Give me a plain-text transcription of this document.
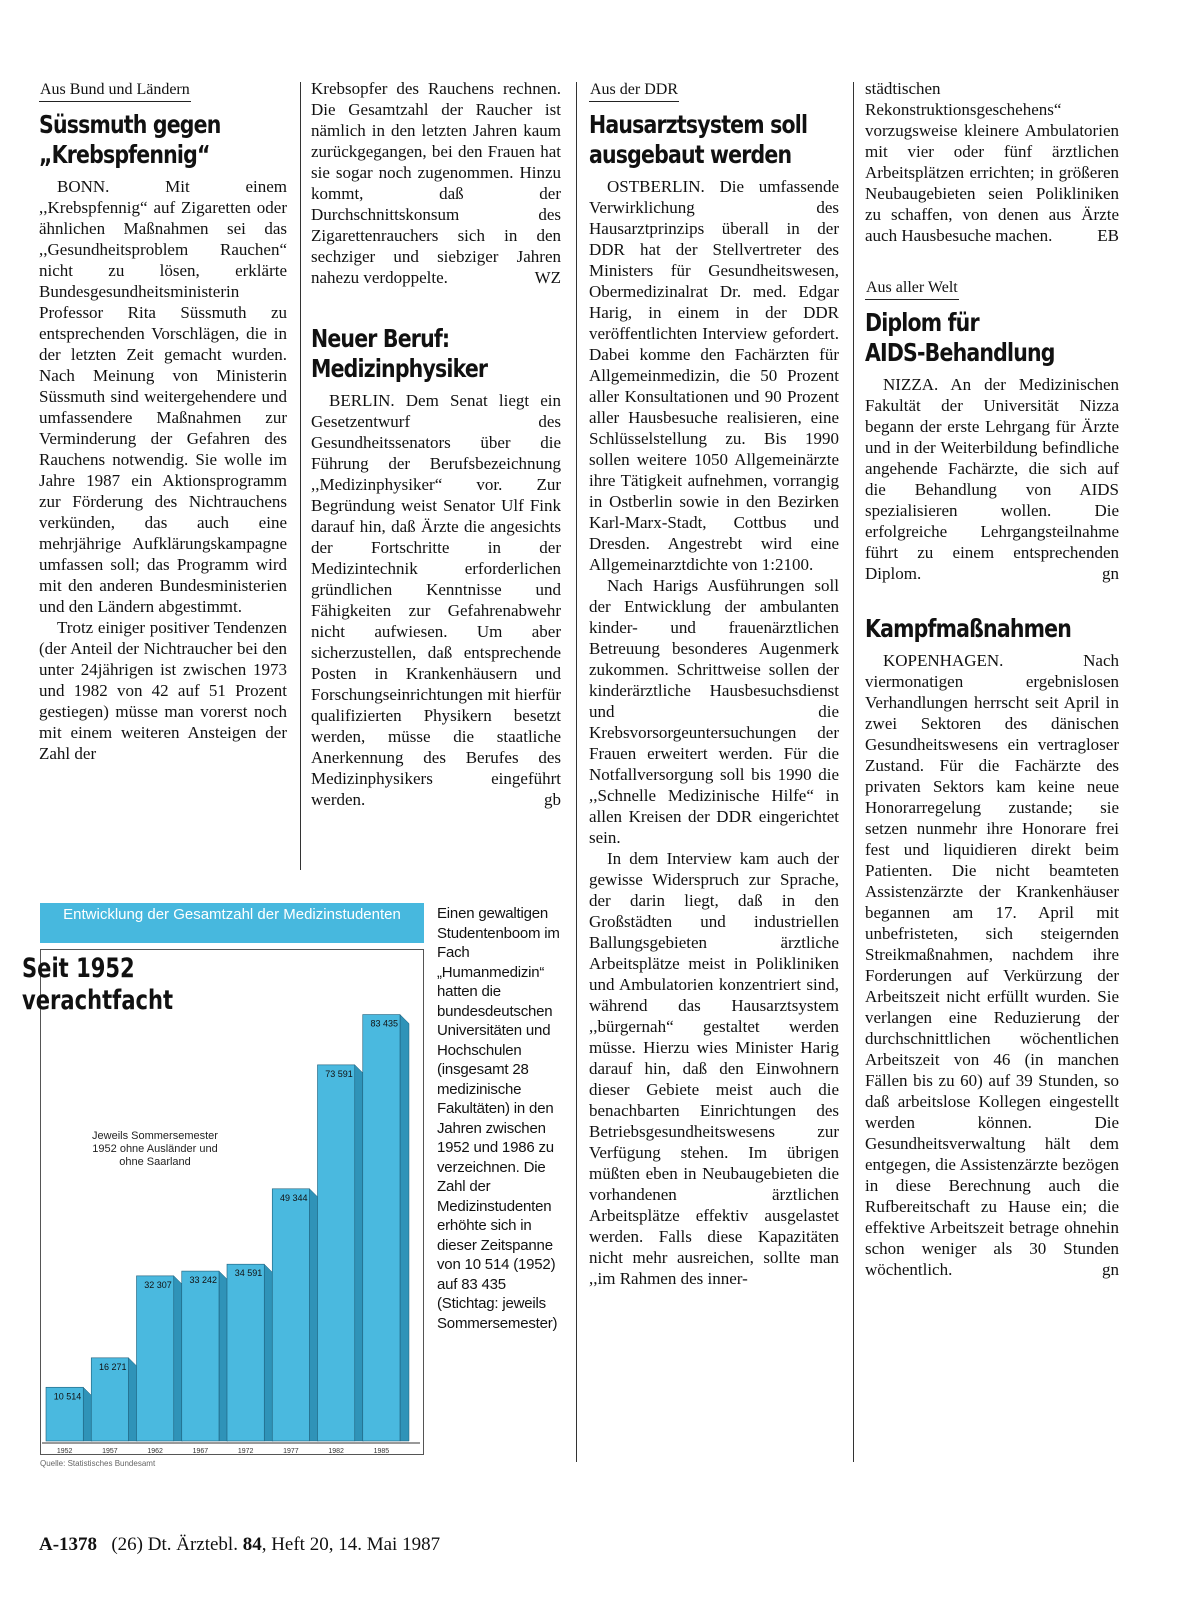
Aus Bund und Ländern
Süssmuth gegen
„Krebspfennig“

BONN. Mit einem ,,Krebspfennig“ auf Zigaretten oder ähnlichen Maßnahmen sei das ,,Gesundheitsproblem Rauchen“ nicht zu lösen, erklärte Bundesgesundheitsministerin Professor Rita Süssmuth zu entsprechenden Vorschlägen, die in der letzten Zeit gemacht wurden. Nach Meinung von Ministerin Süssmuth sind weitergehendere und umfassendere Maßnahmen zur Verminderung der Gefahren des Rauchens notwendig. Sie wolle im Jahre 1987 ein Aktionsprogramm zur Förderung des Nichtrauchens verkünden, das auch eine mehrjährige Aufklärungskampagne umfassen soll; das Programm wird mit den anderen Bundesministerien und den Ländern abgestimmt.

Trotz einiger positiver Tendenzen (der Anteil der Nichtraucher bei den unter 24jährigen ist zwischen 1973 und 1982 von 42 auf 51 Prozent gestiegen) müsse man vorerst noch mit einem weiteren Ansteigen der Zahl der

Krebsopfer des Rauchens rechnen. Die Gesamtzahl der Raucher ist nämlich in den letzten Jahren kaum zurückgegangen, bei den Frauen hat sie sogar noch zugenommen. Hinzu kommt, daß der Durchschnittskonsum des Zigarettenrauchers sich in den sechziger und siebziger Jahren nahezu verdoppelte.	WZ

Neuer Beruf:
Medizinphysiker

BERLIN. Dem Senat liegt ein Gesetzentwurf des Gesundheitssenators über die Führung der Berufsbezeichnung ,,Medizinphysiker“ vor. Zur Begründung weist Senator Ulf Fink darauf hin, daß Ärzte die angesichts der Fortschritte in der Medizintechnik erforderlichen gründlichen Kenntnisse und Fähigkeiten zur Gefahrenabwehr nicht aufwiesen. Um aber sicherzustellen, daß entsprechende Posten in Krankenhäusern und Forschungseinrichtungen mit hierfür qualifizierten Physikern besetzt werden, müsse die staatliche Anerkennung des Berufes des Medizinphysikers eingeführt werden.	gb

Entwicklung der Gesamtzahl der Medizinstudenten
10 514
1952
16 271
1957
32 307
1962
33 242
1967
34 591
1972
49 344
1977
73 591
1982
83 435
1985
Seit 1952 verachtfacht
Jeweils Sommersemester 1952 ohne Ausländer und ohne Saarland
Quelle: Statistisches Bundesamt
Einen gewaltigen Studentenboom im Fach „Humanmedizin“ hatten die bundesdeutschen Universitäten und Hochschulen (insgesamt 28 medizinische Fakultäten) in den Jahren zwischen 1952 und 1986 zu verzeichnen. Die Zahl der Medizinstudenten erhöhte sich in dieser Zeitspanne von 10 514 (1952) auf 83 435 (Stichtag: jeweils Sommersemester)
Aus der DDR
Hausarztsystem soll
ausgebaut werden

OSTBERLIN. Die umfassende Verwirklichung des Hausarztprinzips überall in der DDR hat der Stellvertreter des Ministers für Gesundheitswesen, Obermedizinalrat Dr. med. Edgar Harig, in einem in der DDR veröffentlichten Interview gefordert. Dabei komme den Fachärzten für Allgemeinmedizin, die 50 Prozent aller Konsultationen und 90 Prozent aller Hausbesuche realisieren, eine Schlüsselstellung zu. Bis 1990 sollen weitere 1050 Allgemeinärzte ihre Tätigkeit aufnehmen, vorrangig in Ostberlin sowie in den Bezirken Karl-Marx-Stadt, Cottbus und Dresden. Angestrebt wird eine Allgemeinarztdichte von 1:2100.

Nach Harigs Ausführungen soll der Entwicklung der ambulanten kinder- und frauenärztlichen Betreuung besonderes Augenmerk zukommen. Schrittweise sollen der kinderärztliche Hausbesuchsdienst und die Krebsvorsorgeuntersuchungen der Frauen erweitert werden. Für die Notfallversorgung soll bis 1990 die ,,Schnelle Medizinische Hilfe“ in allen Kreisen der DDR eingerichtet sein.

In dem Interview kam auch der gewisse Widerspruch zur Sprache, der darin liegt, daß in den Großstädten und industriellen Ballungsgebieten ärztliche Arbeitsplätze meist in Polikliniken und Ambulatorien konzentriert sind, während das Hausarztsystem ,,bürgernah“ gestaltet werden müsse. Hierzu wies Minister Harig darauf hin, daß den Einwohnern dieser Gebiete meist auch die benachbarten Einrichtungen des Betriebsgesundheitswesens zur Verfügung stehen. Im übrigen müßten eben in Neubaugebieten die vorhandenen ärztlichen Arbeitsplätze effektiv ausgelastet werden. Falls diese Kapazitäten nicht mehr ausreichen, sollte man ,,im Rahmen des inner-

städtischen Rekonstruktionsgeschehens“ vorzugsweise kleinere Ambulatorien mit vier oder fünf ärztlichen Arbeitsplätzen errichten; in größeren Neubaugebieten seien Polikliniken zu schaffen, von denen aus Ärzte auch Hausbesuche machen.	EB

Aus aller Welt
Diplom für
AIDS-Behandlung

NIZZA. An der Medizinischen Fakultät der Universität Nizza begann der erste Lehrgang für Ärzte und in der Weiterbildung befindliche angehende Fachärzte, die sich auf die Behandlung von AIDS spezialisieren wollen. Die erfolgreiche Lehrgangsteilnahme führt zu einem entsprechenden Diplom.	gn

Kampfmaßnahmen

KOPENHAGEN. Nach viermonatigen ergebnislosen Verhandlungen herrscht seit April in zwei Sektoren des dänischen Gesundheitswesens ein vertragloser Zustand. Für die Fachärzte des privaten Sektors kam keine neue Honorarregelung zustande; sie setzen nunmehr ihre Honorare frei fest und liquidieren direkt beim Patienten. Die nicht beamteten Assistenzärzte der Krankenhäuser begannen am 17. April mit unbefristeten, sich steigernden Streikmaßnahmen, nachdem ihre Forderungen auf Verkürzung der Arbeitszeit nicht erfüllt wurden. Sie verlangen eine Reduzierung der durchschnittlichen wöchentlichen Arbeitszeit von 46 (in manchen Fällen bis zu 60) auf 39 Stunden, so daß arbeitslose Kollegen eingestellt werden können. Die Gesundheitsverwaltung hält dem entgegen, die Assistenzärzte bezögen in diese Berechnung auch die Rufbereitschaft zu Hause ein; die effektive Arbeitszeit betrage ohnehin schon weniger als 30 Stunden wöchentlich.	gn

A-1378 (26) Dt. Ärztebl. 84, Heft 20, 14. Mai 1987
